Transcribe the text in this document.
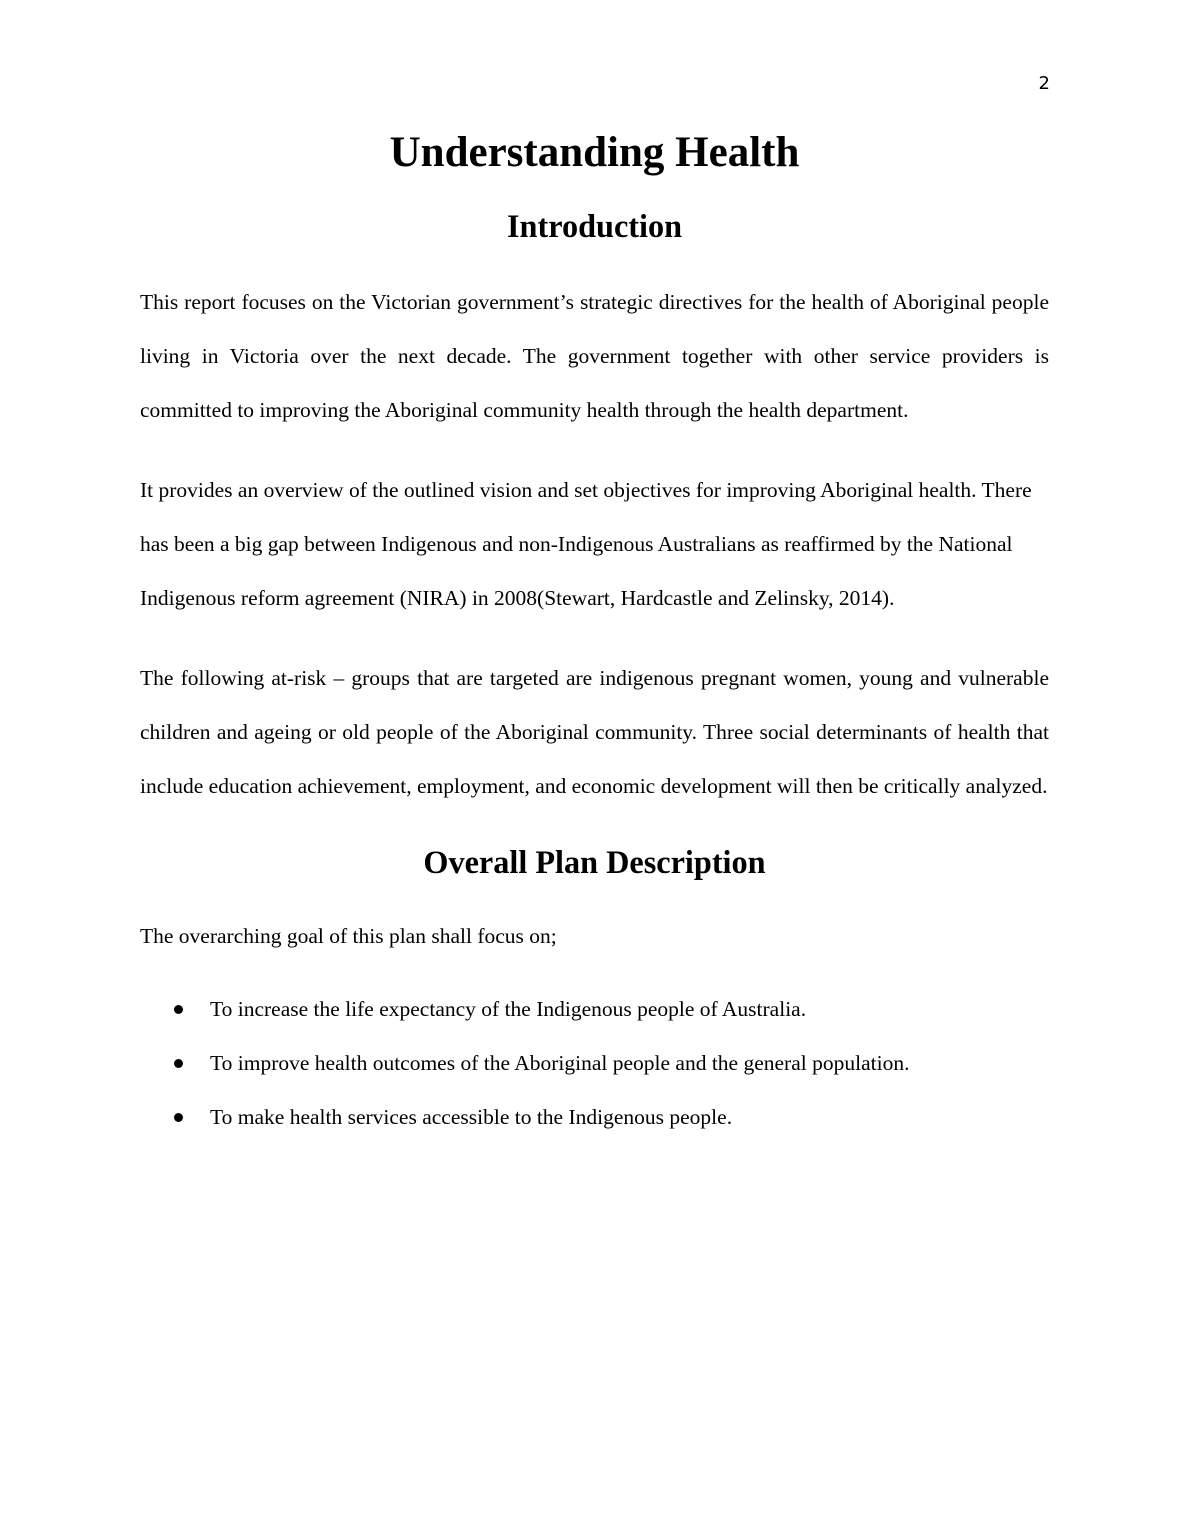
2
Understanding Health
Introduction

This report focuses on the Victorian government’s strategic directives for the health of Aboriginal people living in Victoria over the next decade. The government together with other service providers is committed to improving the Aboriginal community health through the health department.

It provides an overview of the outlined vision and set objectives for improving Aboriginal health. There has been a big gap between Indigenous and non-Indigenous Australians as reaffirmed by the National Indigenous reform agreement (NIRA) in 2008(Stewart, Hardcastle and Zelinsky, 2014).

The following at-risk – groups that are targeted are indigenous pregnant women, young and vulnerable children and ageing or old people of the Aboriginal community. Three social determinants of health that include education achievement, employment, and economic development will then be critically analyzed.

Overall Plan Description

The overarching goal of this plan shall focus on;

To increase the life expectancy of the Indigenous people of Australia.
To improve health outcomes of the Aboriginal people and the general population.
To make health services accessible to the Indigenous people.
